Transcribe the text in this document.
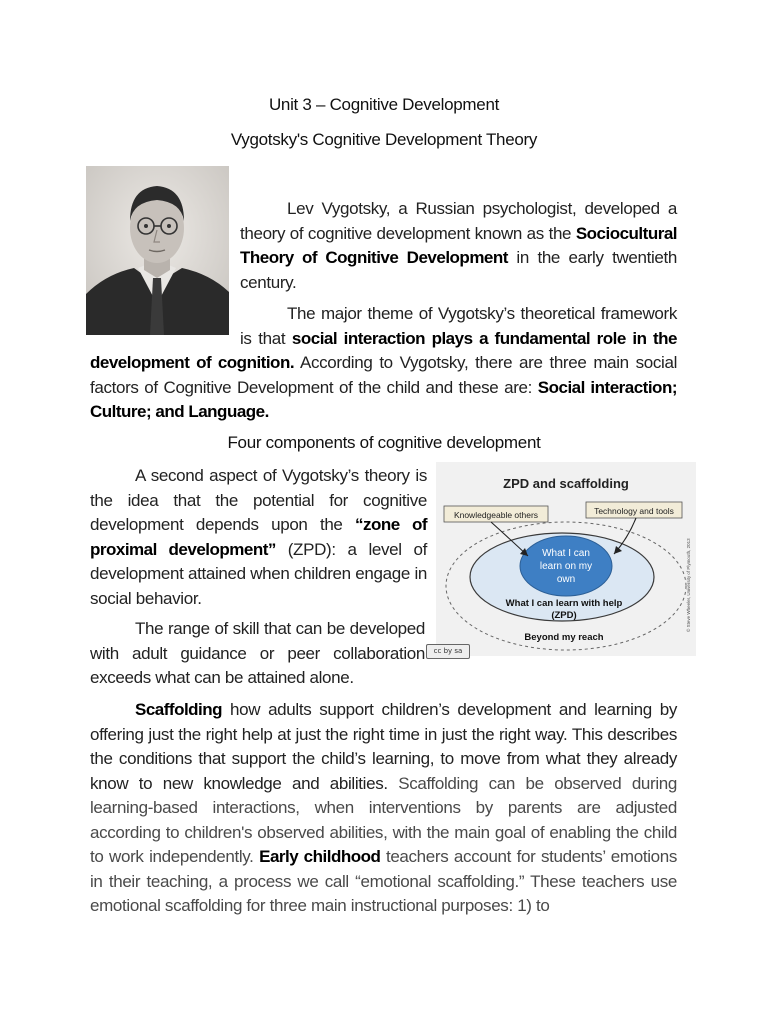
Unit 3 – Cognitive Development
Vygotsky's Cognitive Development Theory
Lev Vygotsky, a Russian psychologist, developed a theory of cognitive development known as the Sociocultural Theory of Cognitive Development in the early twentieth century.
The major theme of Vygotsky’s theoretical framework is that social interaction plays a fundamental role in the development of cognition. According to Vygotsky, there are three main social factors of Cognitive Development of the child and these are: Social interaction; Culture; and Language.
Four components of cognitive development
A second aspect of Vygotsky’s theory is the idea that the potential for cognitive development depends upon the “zone of proximal development” (ZPD): a level of development attained when children engage in social behavior.
The range of skill that can be developed with adult guidance or peer collaboration exceeds what can be attained alone.
Scaffolding how adults support children’s development and learning by offering just the right help at just the right time in just the right way. This describes the conditions that support the child’s learning, to move from what they already know to new knowledge and abilities. Scaffolding can be observed during learning-based interactions, when interventions by parents are adjusted according to children's observed abilities, with the main goal of enabling the child to work independently. Early childhood teachers account for students’ emotions in their teaching, a process we call “emotional scaffolding.” These teachers use emotional scaffolding for three main instructional purposes: 1) to
ZPD and scaffolding
What I can
learn on my
own
What I can learn with help
(ZPD)
Beyond my reach
Knowledgeable others	Technology and tools
© Steve Wheeler, University of Plymouth, 2013
cc by sa
